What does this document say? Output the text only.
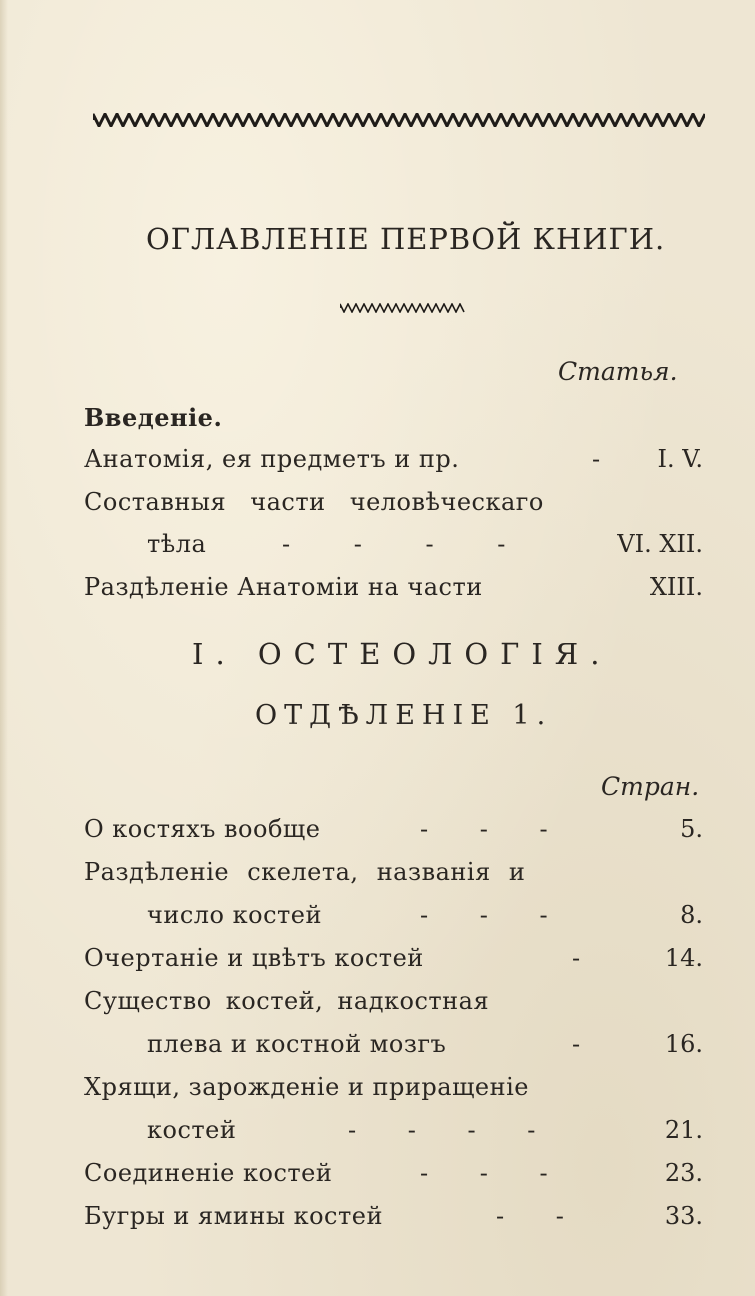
ОГЛАВЛЕНІЕ ПЕРВОЙ КНИГИ.
Статья.
Введеніе.
Анатомія, ея предметъ и пр.	- I. V.
Составныя части человѣческаго
тѣла	- - - -	VI. XII.
Раздѣленіе Анатоміи на части	XIII.
I. ОСТЕОЛОГІЯ.
ОТДѢЛЕНІЕ 1.
Стран.
О костяхъ вообще	- - -	5.
Раздѣленіе скелета, названія и
число костей	- - -	8.
Очертаніе и цвѣтъ костей	-	14.
Существо костей, надкостная
плева и костной мозгъ	-	16.
Хрящи, зарожденіе и приращеніе
костей	- - - -	21.
Соединеніе костей	- - -	23.
Бугры и ямины костей	- -	33.
